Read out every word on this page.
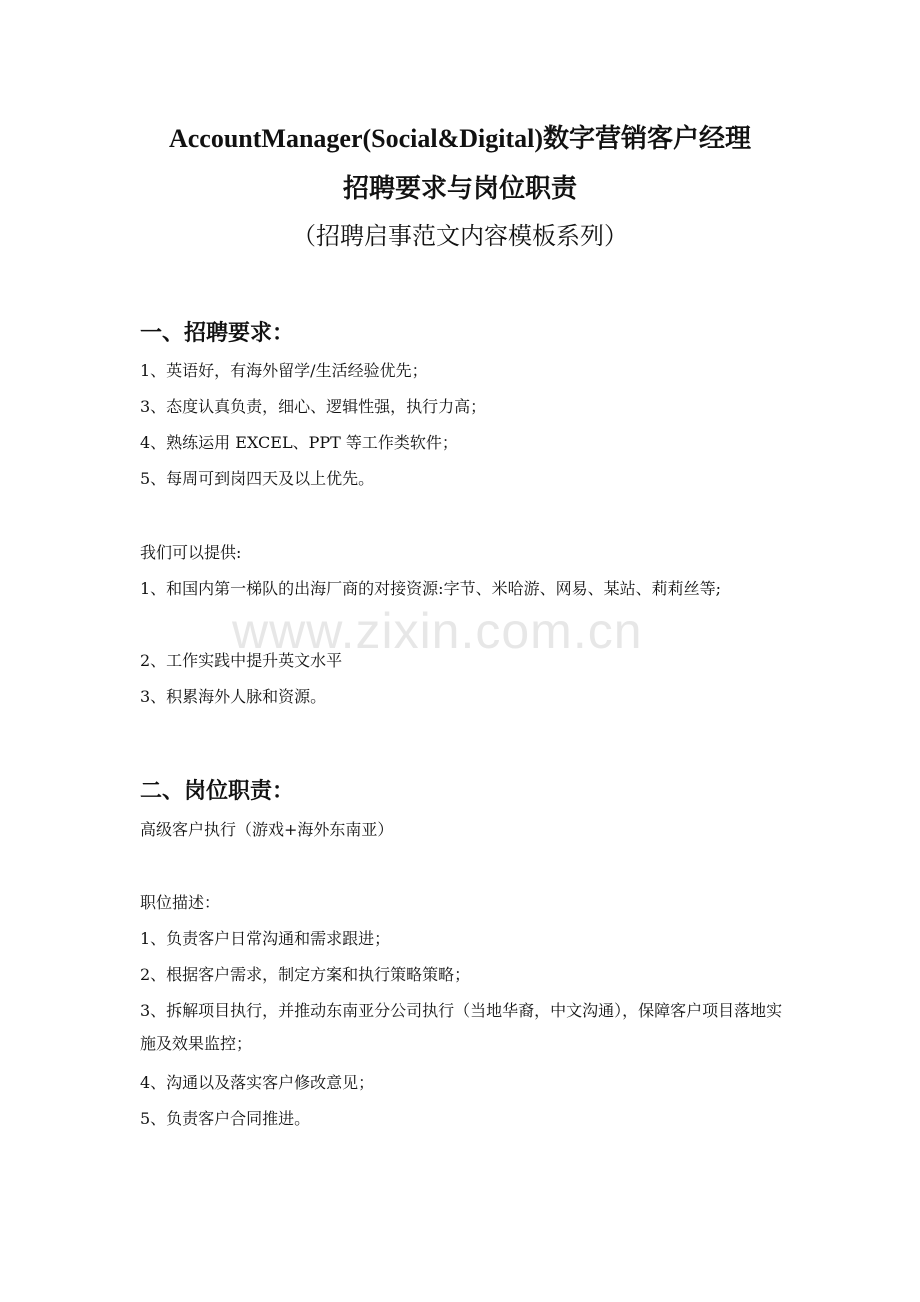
AccountManager(Social&Digital)数字营销客户经理
招聘要求与岗位职责
（招聘启事范文内容模板系列）
一、招聘要求：
1、英语好，有海外留学/生活经验优先；
3、态度认真负责，细心、逻辑性强，执行力高；
4、熟练运用 EXCEL、PPT 等工作类软件；
5、每周可到岗四天及以上优先。
我们可以提供:
1、和国内第一梯队的出海厂商的对接资源:字节、米哈游、网易、某站、莉莉丝等;
2、工作实践中提升英文水平
3、积累海外人脉和资源。
二、岗位职责：
高级客户执行（游戏+海外东南亚）
职位描述：
1、负责客户日常沟通和需求跟进；
2、根据客户需求，制定方案和执行策略策略；
3、拆解项目执行，并推动东南亚分公司执行（当地华裔，中文沟通），保障客户项目落地实施及效果监控；
4、沟通以及落实客户修改意见；
5、负责客户合同推进。
www.zixin.com.cn
